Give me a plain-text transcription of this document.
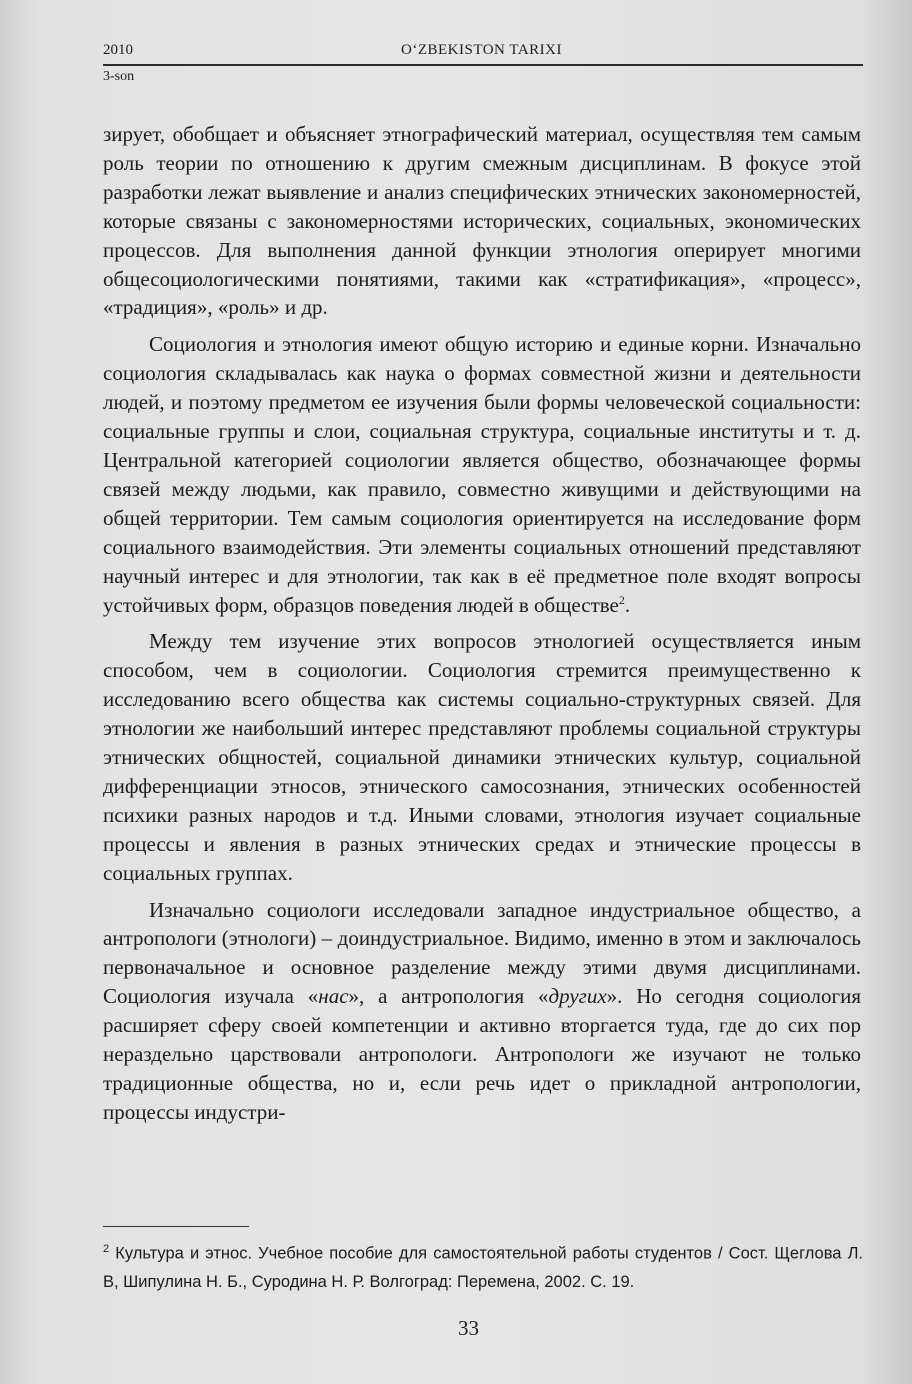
2010	O‘ZBEKISTON TARIXI
3-son

зирует, обобщает и объясняет этнографический материал, осуществляя тем самым роль теории по отношению к другим смежным дисциплинам. В фокусе этой разработки лежат выявление и анализ специфических этнических закономерностей, которые связаны с закономерностями исторических, социальных, экономических процессов. Для выполнения данной функции этнология оперирует многими общесоциологическими понятиями, такими как «стратификация», «процесс», «традиция», «роль» и др.

Социология и этнология имеют общую историю и единые корни. Изначально социология складывалась как наука о формах совместной жизни и деятельности людей, и поэтому предметом ее изучения были формы человеческой социальности: социальные группы и слои, социальная структура, социальные институты и т. д. Центральной категорией социологии является общество, обозначающее формы связей между людьми, как правило, совместно живущими и действующими на общей территории. Тем самым социология ориентируется на исследование форм социального взаимодействия. Эти элементы социальных отношений представляют научный интерес и для этнологии, так как в её предметное поле входят вопросы устойчивых форм, образцов поведения людей в обществе$^2$.

Между тем изучение этих вопросов этнологией осуществляется иным способом, чем в социологии. Социология стремится преимущественно к исследованию всего общества как системы социально-структурных связей. Для этнологии же наибольший интерес представляют проблемы социальной структуры этнических общностей, социальной динамики этнических культур, социальной дифференциации этносов, этнического самосознания, этнических особенностей психики разных народов и т.д. Иными словами, этнология изучает социальные процессы и явления в разных этнических средах и этнические процессы в социальных группах.

Изначально социологи исследовали западное индустриальное общество, а антропологи (этнологи) – доиндустриальное. Видимо, именно в этом и заключалось первоначальное и основное разделение между этими двумя дисциплинами. Социология изучала «нас», а антропология «других». Но сегодня социология расширяет сферу своей компетенции и активно вторгается туда, где до сих пор нераздельно царствовали антропологи. Антропологи же изучают не только традиционные общества, но и, если речь идет о прикладной антропологии, процессы индустри-

$^2$ Культура и этнос. Учебное пособие для самостоятельной работы студентов / Сост. Щеглова Л. В, Шипулина Н. Б., Суродина Н. Р. Волгоград: Перемена, 2002. С. 19.
33
